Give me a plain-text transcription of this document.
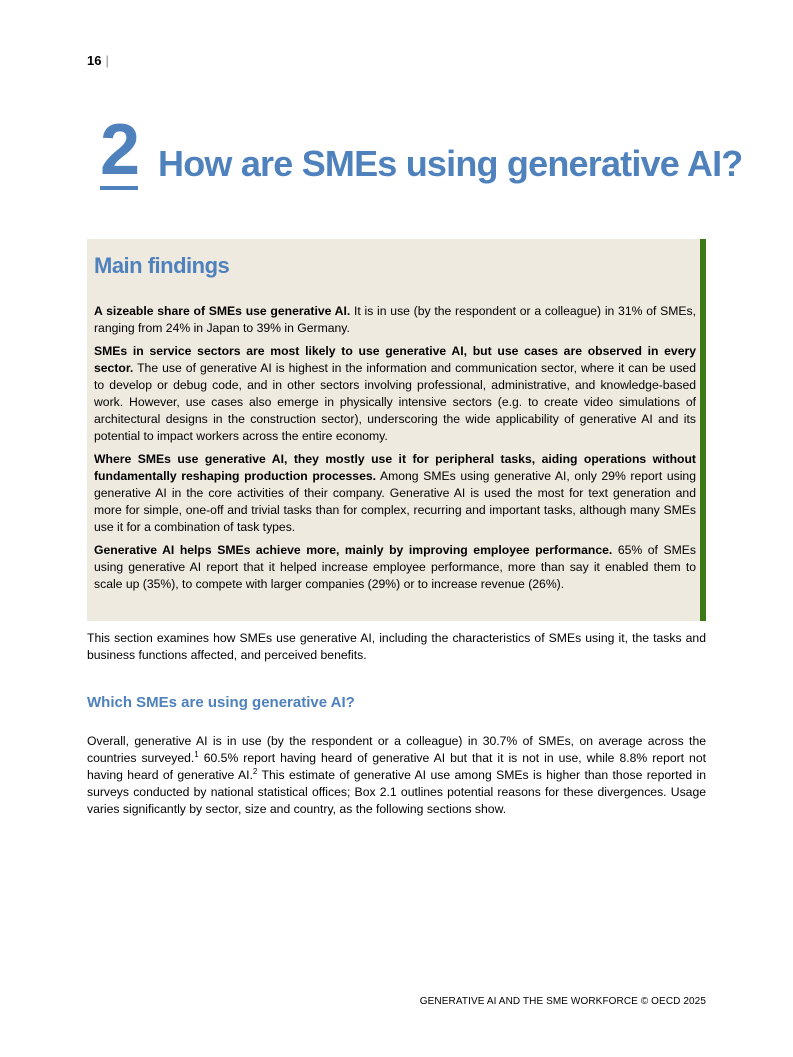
16 |
2 How are SMEs using generative AI?
Main findings

A sizeable share of SMEs use generative AI. It is in use (by the respondent or a colleague) in 31% of SMEs, ranging from 24% in Japan to 39% in Germany.

SMEs in service sectors are most likely to use generative AI, but use cases are observed in every sector. The use of generative AI is highest in the information and communication sector, where it can be used to develop or debug code, and in other sectors involving professional, administrative, and knowledge-based work. However, use cases also emerge in physically intensive sectors (e.g. to create video simulations of architectural designs in the construction sector), underscoring the wide applicability of generative AI and its potential to impact workers across the entire economy.

Where SMEs use generative AI, they mostly use it for peripheral tasks, aiding operations without fundamentally reshaping production processes. Among SMEs using generative AI, only 29% report using generative AI in the core activities of their company. Generative AI is used the most for text generation and more for simple, one-off and trivial tasks than for complex, recurring and important tasks, although many SMEs use it for a combination of task types.

Generative AI helps SMEs achieve more, mainly by improving employee performance. 65% of SMEs using generative AI report that it helped increase employee performance, more than say it enabled them to scale up (35%), to compete with larger companies (29%) or to increase revenue (26%).

This section examines how SMEs use generative AI, including the characteristics of SMEs using it, the tasks and business functions affected, and perceived benefits.

Which SMEs are using generative AI?

Overall, generative AI is in use (by the respondent or a colleague) in 30.7% of SMEs, on average across the countries surveyed.$^1$ 60.5% report having heard of generative AI but that it is not in use, while 8.8% report not having heard of generative AI.$^2$ This estimate of generative AI use among SMEs is higher than those reported in surveys conducted by national statistical offices; Box 2.1 outlines potential reasons for these divergences. Usage varies significantly by sector, size and country, as the following sections show.

GENERATIVE AI AND THE SME WORKFORCE © OECD 2025
